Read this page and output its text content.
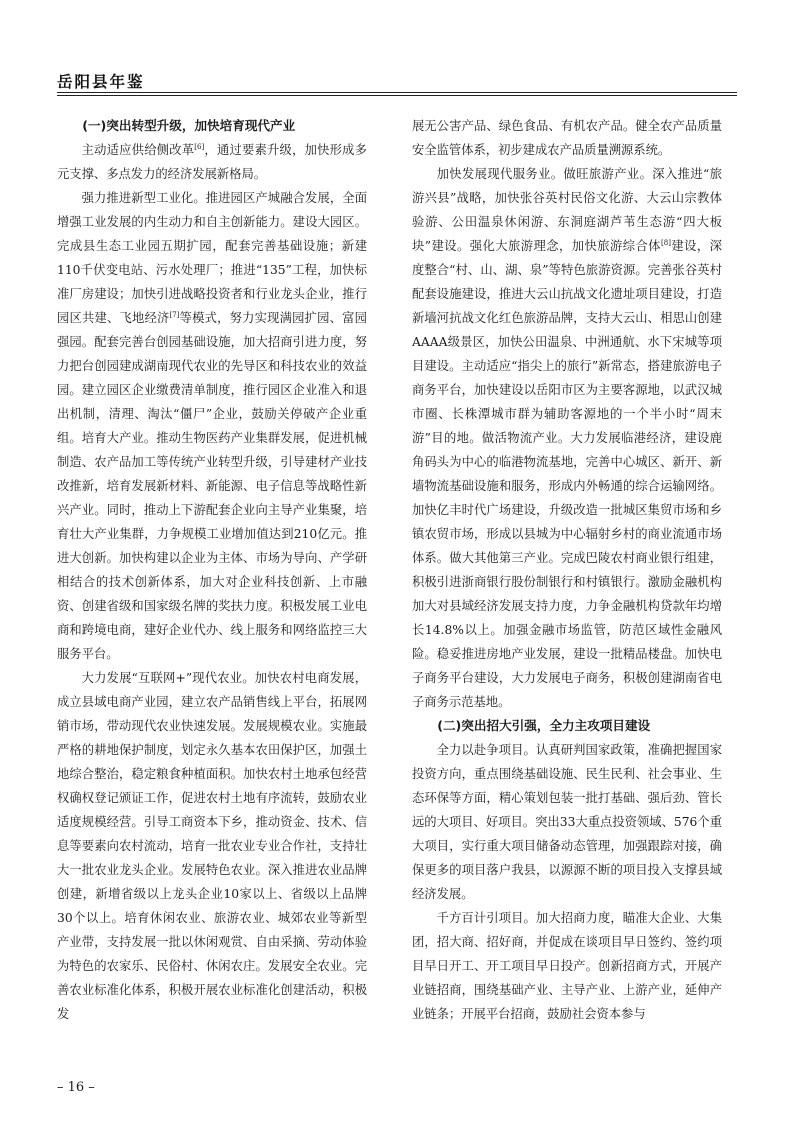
岳阳县年鉴
(一)突出转型升级，加快培育现代产业

主动适应供给侧改革[6]，通过要素升级，加快形成多元支撑、多点发力的经济发展新格局。

强力推进新型工业化。推进园区产城融合发展，全面增强工业发展的内生动力和自主创新能力。建设大园区。完成县生态工业园五期扩园，配套完善基础设施；新建110千伏变电站、污水处理厂；推进“135”工程，加快标准厂房建设；加快引进战略投资者和行业龙头企业，推行园区共建、飞地经济[7]等模式，努力实现满园扩园、富园强园。配套完善台创园基础设施，加大招商引进力度，努力把台创园建成湖南现代农业的先导区和科技农业的效益园。建立园区企业缴费清单制度，推行园区企业准入和退出机制，清理、淘汰“僵尸”企业，鼓励关停破产企业重组。培育大产业。推动生物医药产业集群发展，促进机械制造、农产品加工等传统产业转型升级，引导建材产业技改推新，培育发展新材料、新能源、电子信息等战略性新兴产业。同时，推动上下游配套企业向主导产业集聚，培育壮大产业集群，力争规模工业增加值达到210亿元。推进大创新。加快构建以企业为主体、市场为导向、产学研相结合的技术创新体系，加大对企业科技创新、上市融资、创建省级和国家级名牌的奖扶力度。积极发展工业电商和跨境电商，建好企业代办、线上服务和网络监控三大服务平台。

大力发展“互联网+”现代农业。加快农村电商发展，成立县域电商产业园，建立农产品销售线上平台，拓展网销市场，带动现代农业快速发展。发展规模农业。实施最严格的耕地保护制度，划定永久基本农田保护区，加强土地综合整治，稳定粮食种植面积。加快农村土地承包经营权确权登记颁证工作，促进农村土地有序流转，鼓励农业适度规模经营。引导工商资本下乡，推动资金、技术、信息等要素向农村流动，培育一批农业专业合作社，支持壮大一批农业龙头企业。发展特色农业。深入推进农业品牌创建，新增省级以上龙头企业10家以上、省级以上品牌30个以上。培育休闲农业、旅游农业、城郊农业等新型产业带，支持发展一批以休闲观赏、自由采摘、劳动体验为特色的农家乐、民俗村、休闲农庄。发展安全农业。完善农业标准化体系，积极开展农业标准化创建活动，积极发

展无公害产品、绿色食品、有机农产品。健全农产品质量安全监管体系，初步建成农产品质量溯源系统。

加快发展现代服务业。做旺旅游产业。深入推进“旅游兴县”战略，加快张谷英村民俗文化游、大云山宗教体验游、公田温泉休闲游、东洞庭湖芦苇生态游“四大板块”建设。强化大旅游理念，加快旅游综合体[8]建设，深度整合“村、山、湖、泉”等特色旅游资源。完善张谷英村配套设施建设，推进大云山抗战文化遗址项目建设，打造新墙河抗战文化红色旅游品牌，支持大云山、相思山创建AAAA级景区，加快公田温泉、中洲通航、水下宋城等项目建设。主动适应“指尖上的旅行”新常态，搭建旅游电子商务平台，加快建设以岳阳市区为主要客源地，以武汉城市圈、长株潭城市群为辅助客源地的一个半小时“周末游”目的地。做活物流产业。大力发展临港经济，建设鹿角码头为中心的临港物流基地，完善中心城区、新开、新墙物流基础设施和服务，形成内外畅通的综合运输网络。加快亿丰时代广场建设，升级改造一批城区集贸市场和乡镇农贸市场，形成以县城为中心辐射乡村的商业流通市场体系。做大其他第三产业。完成巴陵农村商业银行组建，积极引进浙商银行股份制银行和村镇银行。激励金融机构加大对县域经济发展支持力度，力争金融机构贷款年均增长14.8%以上。加强金融市场监管，防范区域性金融风险。稳妥推进房地产业发展，建设一批精品楼盘。加快电子商务平台建设，大力发展电子商务，积极创建湖南省电子商务示范基地。

(二)突出招大引强，全力主攻项目建设

全力以赴争项目。认真研判国家政策，准确把握国家投资方向，重点围绕基础设施、民生民利、社会事业、生态环保等方面，精心策划包装一批打基础、强后劲、管长远的大项目、好项目。突出33大重点投资领域、576个重大项目，实行重大项目储备动态管理，加强跟踪对接，确保更多的项目落户我县，以源源不断的项目投入支撑县域经济发展。

千方百计引项目。加大招商力度，瞄准大企业、大集团，招大商、招好商，并促成在谈项目早日签约、签约项目早日开工、开工项目早日投产。创新招商方式，开展产业链招商，围绕基础产业、主导产业、上游产业，延伸产业链条；开展平台招商，鼓励社会资本参与

– 16 –
